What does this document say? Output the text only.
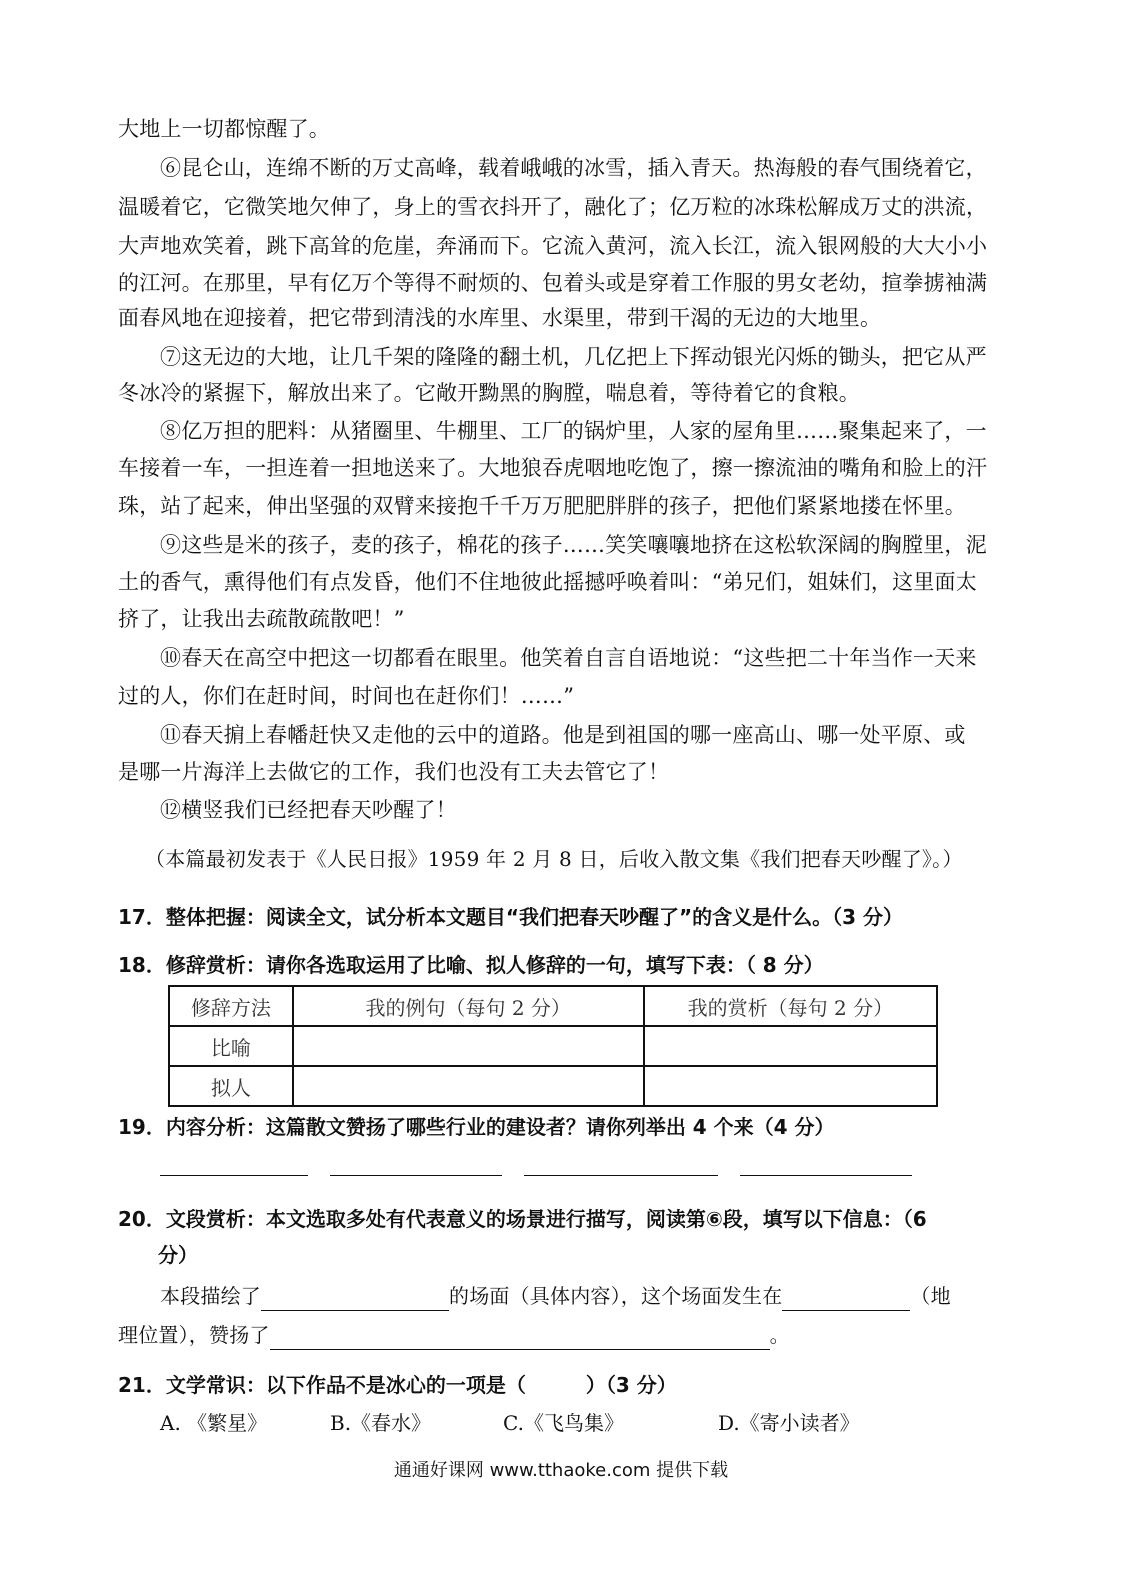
大地上一切都惊醒了。
⑥昆仑山，连绵不断的万丈高峰，载着峨峨的冰雪，插入青天。热海般的春气围绕着它，
温暖着它，它微笑地欠伸了，身上的雪衣抖开了，融化了；亿万粒的冰珠松解成万丈的洪流，
大声地欢笑着，跳下高耸的危崖，奔涌而下。它流入黄河，流入长江，流入银网般的大大小小
的江河。在那里，早有亿万个等得不耐烦的、包着头或是穿着工作服的男女老幼，揎拳掳袖满
面春风地在迎接着，把它带到清浅的水库里、水渠里，带到干渴的无边的大地里。
⑦这无边的大地，让几千架的隆隆的翻土机，几亿把上下挥动银光闪烁的锄头，把它从严
冬冰冷的紧握下，解放出来了。它敞开黝黑的胸膛，喘息着，等待着它的食粮。
⑧亿万担的肥料：从猪圈里、牛棚里、工厂的锅炉里，人家的屋角里……聚集起来了，一
车接着一车，一担连着一担地送来了。大地狼吞虎咽地吃饱了，擦一擦流油的嘴角和脸上的汗
珠，站了起来，伸出坚强的双臂来接抱千千万万肥肥胖胖的孩子，把他们紧紧地搂在怀里。
⑨这些是米的孩子，麦的孩子，棉花的孩子……笑笑嚷嚷地挤在这松软深阔的胸膛里，泥
土的香气，熏得他们有点发昏，他们不住地彼此摇撼呼唤着叫：“弟兄们，姐妹们，这里面太
挤了，让我出去疏散疏散吧！”
⑩春天在高空中把这一切都看在眼里。他笑着自言自语地说：“这些把二十年当作一天来
过的人，你们在赶时间，时间也在赶你们！……”
⑪春天掮上春幡赶快又走他的云中的道路。他是到祖国的哪一座高山、哪一处平原、或
是哪一片海洋上去做它的工作，我们也没有工夫去管它了！
⑫横竖我们已经把春天吵醒了！
（本篇最初发表于《人民日报》1959 年 2 月 8 日，后收入散文集《我们把春天吵醒了》。）
17．整体把握：阅读全文，试分析本文题目“我们把春天吵醒了”的含义是什么。（3 分）
18．修辞赏析：请你各选取运用了比喻、拟人修辞的一句，填写下表：（ 8 分）
修辞方法	我的例句（每句 2 分）	我的赏析（每句 2 分）
比喻		
拟人		
19．内容分析：这篇散文赞扬了哪些行业的建设者？请你列举出 4 个来（4 分）
20．文段赏析：本文选取多处有代表意义的场景进行描写，阅读第⑥段，填写以下信息：（6
分）
本段描绘了	的场面（具体内容），这个场面发生在	（地
理位置），赞扬了	。
21．文学常识：以下作品不是冰心的一项是（　　　）（3 分）
A. 《繁星》	B.《春水》	C.《飞鸟集》	D.《寄小读者》
通通好课网 www.tthaoke.com 提供下载
